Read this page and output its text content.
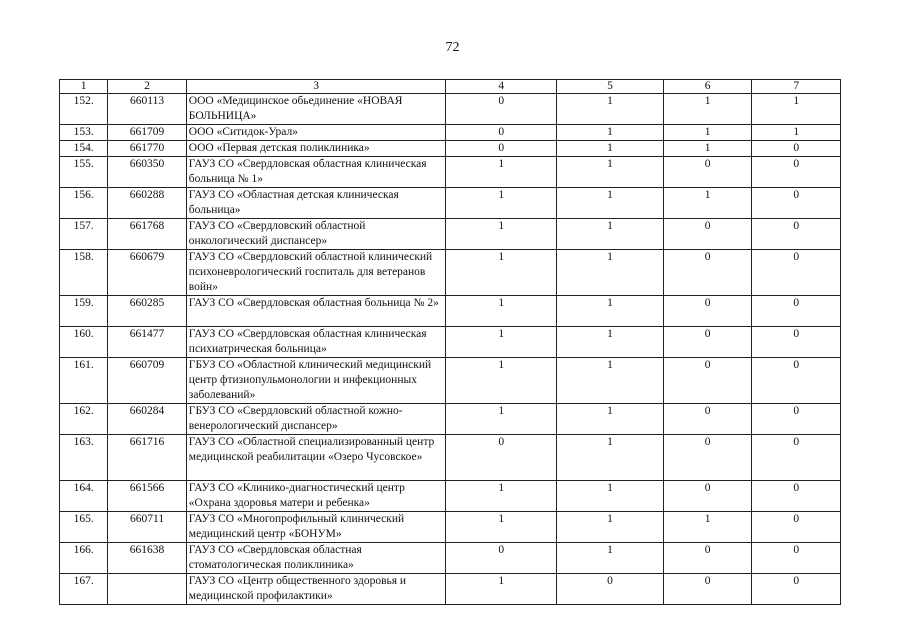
72
1	2	3	4	5	6	7
152.	660113	ООО «Медицинское обьединение «НОВАЯ БОЛЬНИЦА»	0	1	1	1
153.	661709	ООО «Ситидок-Урал»	0	1	1	1
154.	661770	ООО «Первая детская поликлиника»	0	1	1	0
155.	660350	ГАУЗ СО «Свердловская областная клиническая больница № 1»	1	1	0	0
156.	660288	ГАУЗ СО «Областная детская клиническая больница»	1	1	1	0
157.	661768	ГАУЗ СО «Свердловский областной онкологический диспансер»	1	1	0	0
158.	660679	ГАУЗ СО «Свердловский областной клинический психоневрологический госпиталь для ветеранов войн»	1	1	0	0
159.	660285	ГАУЗ СО «Свердловская областная больница № 2»	1	1	0	0
160.	661477	ГАУЗ СО «Свердловская областная клиническая психиатрическая больница»	1	1	0	0
161.	660709	ГБУЗ СО «Областной клинический медицинский центр фтизиопульмонологии и инфекционных заболеваний»	1	1	0	0
162.	660284	ГБУЗ СО «Свердловский областной кожно-венерологический диспансер»	1	1	0	0
163.	661716	ГАУЗ СО «Областной специализированный центр медицинской реабилитации «Озеро Чусовское»	0	1	0	0
164.	661566	ГАУЗ СО «Клинико-диагностический центр «Охрана здоровья матери и ребенка»	1	1	0	0
165.	660711	ГАУЗ СО «Многопрофильный клинический медицинский центр «БОНУМ»	1	1	1	0
166.	661638	ГАУЗ СО «Свердловская областная стоматологическая поликлиника»	0	1	0	0
167.		ГАУЗ СО «Центр общественного здоровья и медицинской профилактики»	1	0	0	0
